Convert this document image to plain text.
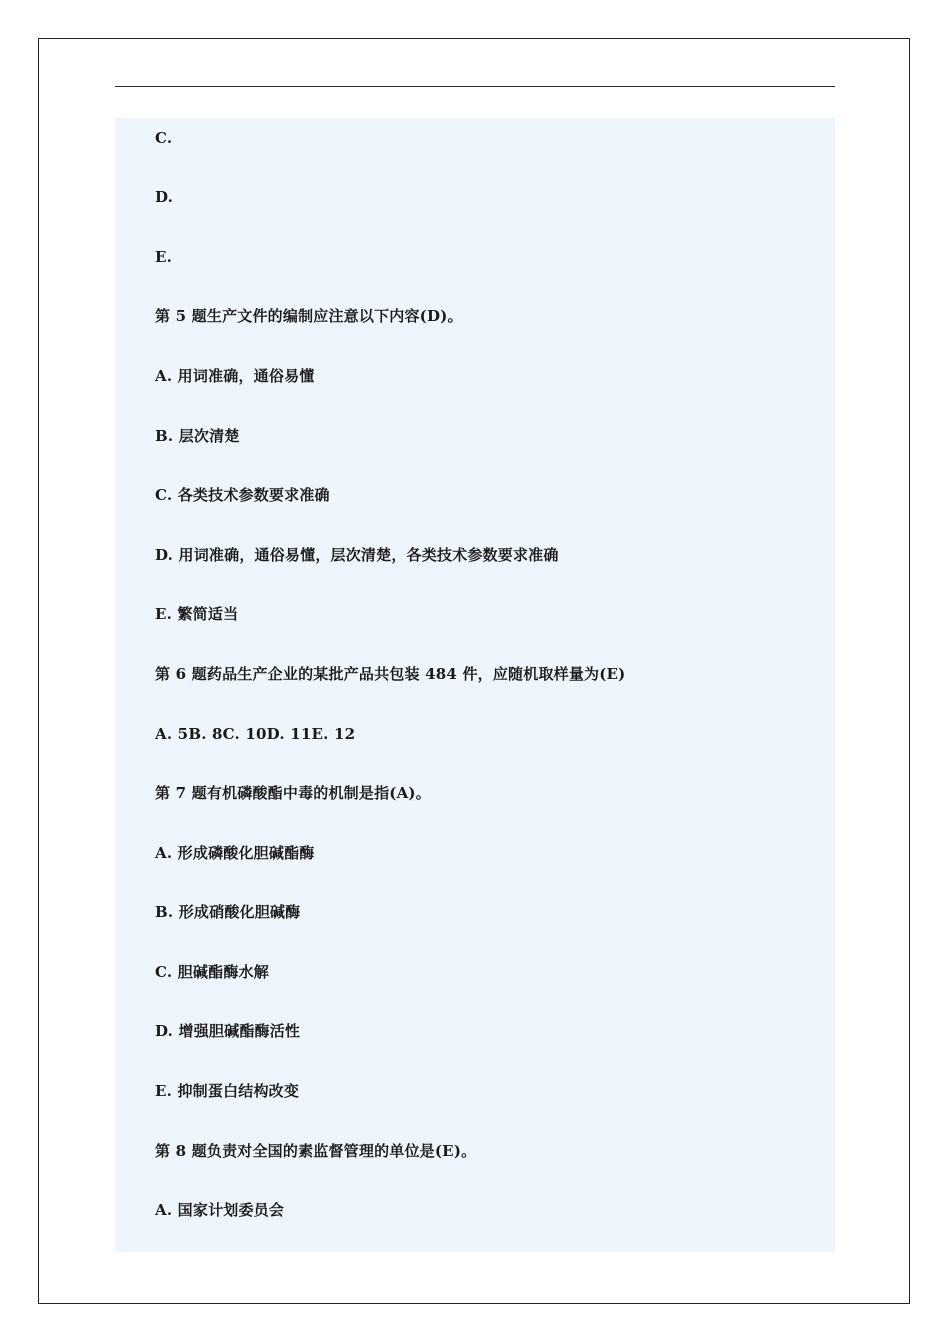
C.

D.

E.

第 5 题生产文件的编制应注意以下内容(D)。

A. 用词准确，通俗易懂

B. 层次清楚

C. 各类技术参数要求准确

D. 用词准确，通俗易懂，层次清楚，各类技术参数要求准确

E. 繁简适当

第 6 题药品生产企业的某批产品共包装 484 件，应随机取样量为(E)

A. 5B. 8C. 10D. 11E. 12

第 7 题有机磷酸酯中毒的机制是指(A)。

A. 形成磷酸化胆碱酯酶

B. 形成硝酸化胆碱酶

C. 胆碱酯酶水解

D. 增强胆碱酯酶活性

E. 抑制蛋白结构改变

第 8 题负责对全国的素监督管理的单位是(E)。

A. 国家计划委员会
